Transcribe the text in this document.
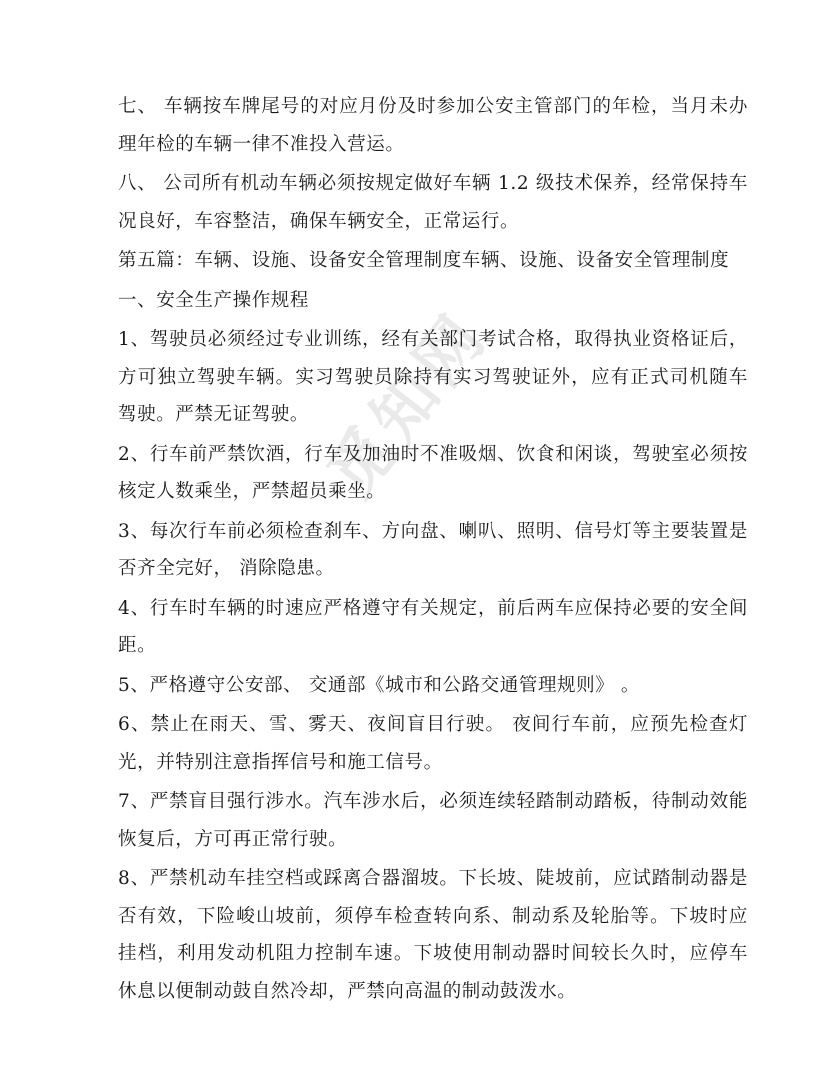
觅知网

七、 车辆按车牌尾号的对应月份及时参加公安主管部门的年检，当月未办理年检的车辆一律不准投入营运。

八、 公司所有机动车辆必须按规定做好车辆 1.2 级技术保养，经常保持车况良好，车容整洁，确保车辆安全，正常运行。

第五篇：车辆、设施、设备安全管理制度车辆、设施、设备安全管理制度

一、安全生产操作规程

1、驾驶员必须经过专业训练，经有关部门考试合格，取得执业资格证后，方可独立驾驶车辆。实习驾驶员除持有实习驾驶证外，应有正式司机随车驾驶。严禁无证驾驶。

2、行车前严禁饮酒，行车及加油时不准吸烟、饮食和闲谈，驾驶室必须按核定人数乘坐，严禁超员乘坐。

3、每次行车前必须检查刹车、方向盘、喇叭、照明、信号灯等主要装置是否齐全完好， 消除隐患。

4、行车时车辆的时速应严格遵守有关规定，前后两车应保持必要的安全间距。

5、严格遵守公安部、 交通部《城市和公路交通管理规则》 。

6、禁止在雨天、雪、雾天、夜间盲目行驶。 夜间行车前，应预先检查灯光，并特别注意指挥信号和施工信号。

7、严禁盲目强行涉水。汽车涉水后，必须连续轻踏制动踏板，待制动效能恢复后，方可再正常行驶。

8、严禁机动车挂空档或踩离合器溜坡。下长坡、陡坡前，应试踏制动器是否有效，下险峻山坡前，须停车检查转向系、制动系及轮胎等。下坡时应挂档，利用发动机阻力控制车速。下坡使用制动器时间较长久时，应停车休息以便制动鼓自然冷却，严禁向高温的制动鼓泼水。
